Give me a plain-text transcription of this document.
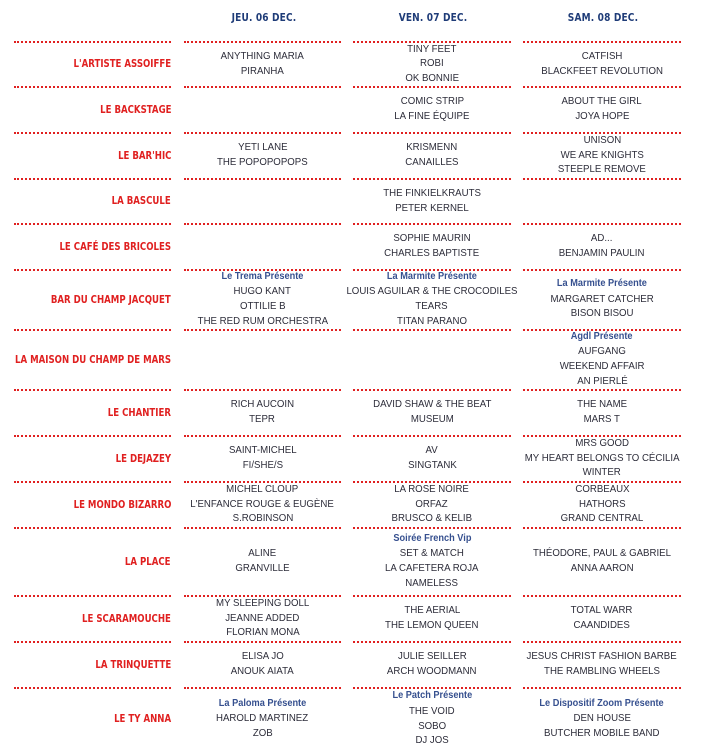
JEU. 06 DEC.	VEN. 07 DEC.	SAM. 08 DEC.
L'ARTISTE ASSOIFFE
ANYTHING MARIA
PIRANHA
TINY FEET
ROBI
OK BONNIE
CATFISH
BLACKFEET REVOLUTION
LE BACKSTAGE
COMIC STRIP
LA FINE ÉQUIPE
ABOUT THE GIRL
JOYA HOPE
LE BAR'HIC
YETI LANE
THE POPOPOPOPS
KRISMENN
CANAILLES
UNISON
WE ARE KNIGHTS
STEEPLE REMOVE
LA BASCULE
THE FINKIELKRAUTS
PETER KERNEL
LE CAFÉ DES BRICOLES
SOPHIE MAURIN
CHARLES BAPTISTE
AD...
BENJAMIN PAULIN
BAR DU CHAMP JACQUET
Le Trema Présente
HUGO KANT
OTTILIE B
THE RED RUM ORCHESTRA
La Marmite Présente
LOUIS AGUILAR & THE CROCODILES
TEARS
TITAN PARANO
La Marmite Présente
MARGARET CATCHER
BISON BISOU
LA MAISON DU CHAMP DE MARS
Agdl Présente
AUFGANG
WEEKEND AFFAIR
AN PIERLÉ
LE CHANTIER
RICH AUCOIN
TEPR
DAVID SHAW & THE BEAT
MUSEUM
THE NAME
MARS T
LE DEJAZEY
SAINT-MICHEL
FI/SHE/S
AV
SINGTANK
MRS GOOD
MY HEART BELONGS TO CÉCILIA
WINTER
LE MONDO BIZARRO
MICHEL CLOUP
L'ENFANCE ROUGE & EUGÈNE
S.ROBINSON
LA ROSE NOIRE
ORFAZ
BRUSCO & KELIB
CORBEAUX
HATHORS
GRAND CENTRAL
LA PLACE
ALINE
GRANVILLE
Soirée French Vip
SET & MATCH
LA CAFETERA ROJA
NAMELESS
THÉODORE, PAUL & GABRIEL
ANNA AARON
LE SCARAMOUCHE
MY SLEEPING DOLL
JEANNE ADDED
FLORIAN MONA
THE AERIAL
THE LEMON QUEEN
TOTAL WARR
CAANDIDES
LA TRINQUETTE
ELISA JO
ANOUK AIATA
JULIE SEILLER
ARCH WOODMANN
JESUS CHRIST FASHION BARBE
THE RAMBLING WHEELS
LE TY ANNA
La Paloma Présente
HAROLD MARTINEZ
ZOB
Le Patch Présente
THE VOID
SOBO
DJ JOS
Le Dispositif Zoom Présente
DEN HOUSE
BUTCHER MOBILE BAND
